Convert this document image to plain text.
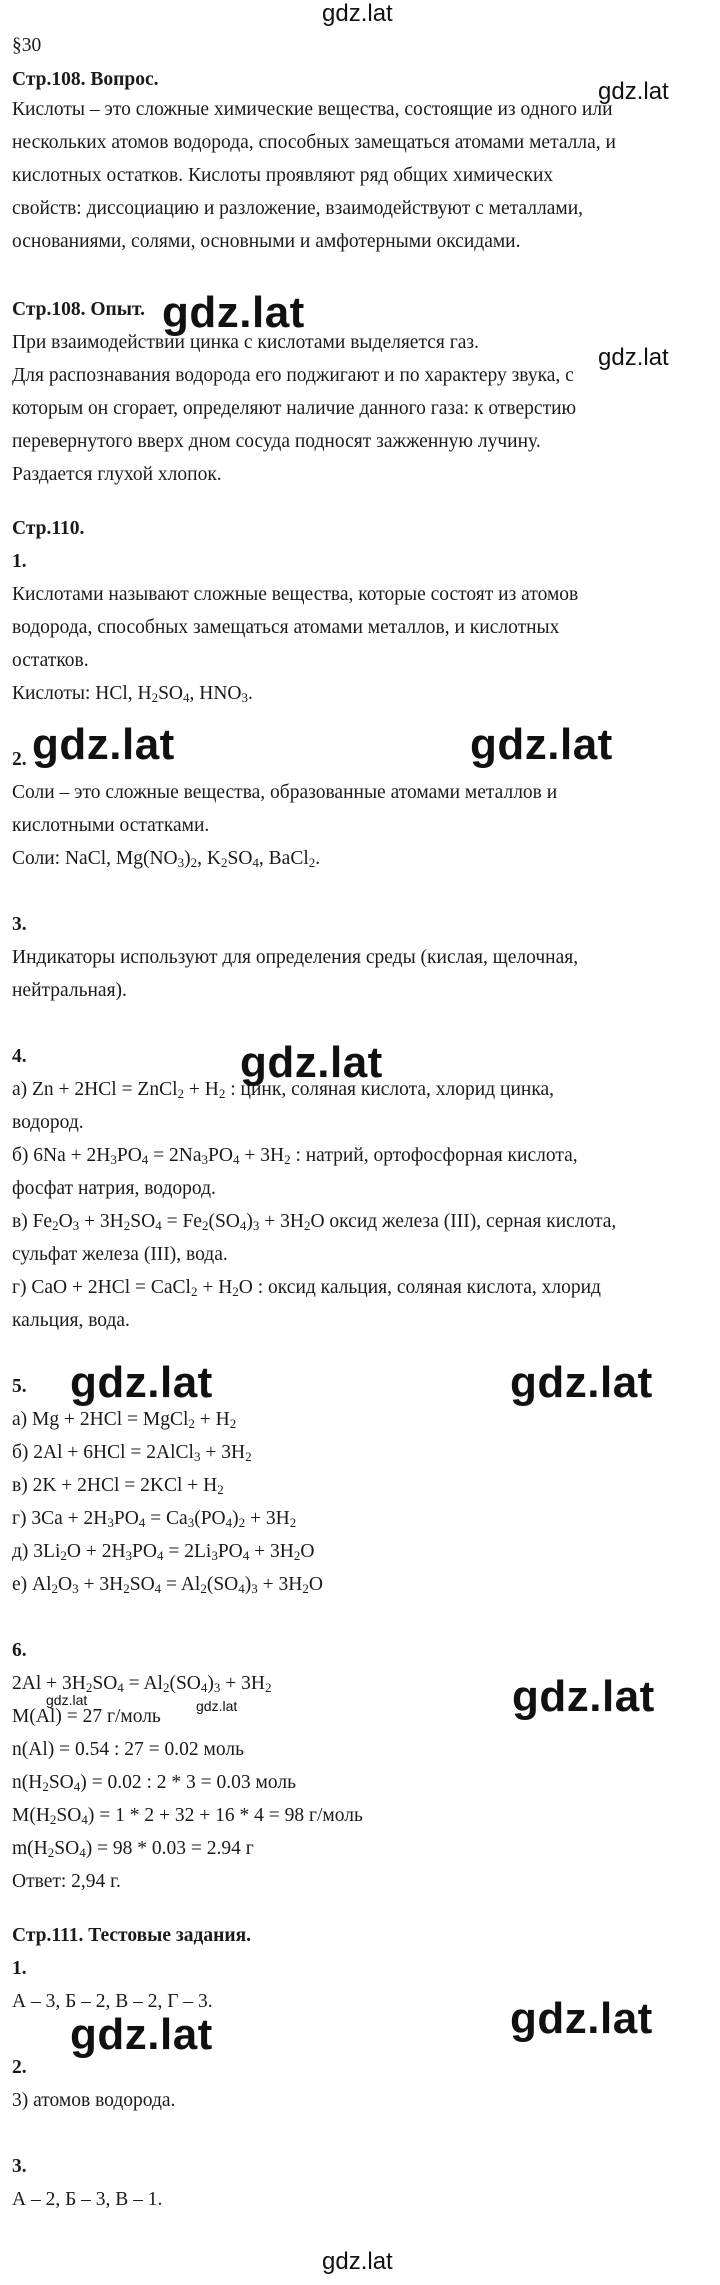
gdz.lat
gdz.lat
gdz.lat
gdz.lat
gdz.lat	gdz.lat
gdz.lat
gdz.lat	gdz.lat
gdz.lat	gdz.lat	gdz.lat
gdz.lat	gdz.lat
gdz.lat
§30
Стр.108. Вопрос.
Кислоты – это сложные химические вещества, состоящие из одного или
нескольких атомов водорода, способных замещаться атомами металла, и
кислотных остатков. Кислоты проявляют ряд общих химических
свойств: диссоциацию и разложение, взаимодействуют с металлами,
основаниями, солями, основными и амфотерными оксидами.
Стр.108. Опыт.
При взаимодействии цинка с кислотами выделяется газ.
Для распознавания водорода его поджигают и по характеру звука, с
которым он сгорает, определяют наличие данного газа: к отверстию
перевернутого вверх дном сосуда подносят зажженную лучину.
Раздается глухой хлопок.
Стр.110.
1.
Кислотами называют сложные вещества, которые состоят из атомов
водорода, способных замещаться атомами металлов, и кислотных
остатков.
Кислоты: HCl, $H_2SO_4$, $HNO_3$.
2.
Соли – это сложные вещества, образованные атомами металлов и
кислотными остатками.
Соли: NaCl, $Mg(NO_3)_2$, $K_2SO_4$, BaCl$_2$.
3.
Индикаторы используют для определения среды (кислая, щелочная,
нейтральная).
4.
а) Zn + 2HCl = ZnCl$_2$ + $H_2$ : цинк, соляная кислота, хлорид цинка,
водород.
б) $6Na + 2H_3PO_4 = 2Na_3PO_4 + 3H_2$ : натрий, ортофосфорная кислота,
фосфат натрия, водород.
в) $Fe_2O_3 + 3H_2SO_4 = Fe_2(SO_4)_3 + 3H_2O$ оксид железа (III), серная кислота,
сульфат железа (III), вода.
г) CaO + 2HCl = CaCl$_2$ + $H_2O$ : оксид кальция, соляная кислота, хлорид
кальция, вода.
5.
а) Mg + 2HCl = MgCl$_2$ + $H_2$
б) 2Al + 6HCl = 2AlCl$_3$ + $3H_2$
в) $2K + 2HCl = 2KCl + H_2$
г) $3Ca + 2H_3PO_4 = Ca_3(PO_4)_2 + 3H_2$
д) $3Li_2O + 2H_3PO_4 = 2Li_3PO_4 + 3H_2O$
е) $Al_2O_3 + 3H_2SO_4 = Al_2(SO_4)_3 + 3H_2O$
6.
$2Al + 3H_2SO_4 = Al_2(SO_4)_3 + 3H_2$
M(Al) = 27 г/моль
n(Al) = 0.54 : 27 = 0.02 моль
$n(H_2SO_4) = 0.02$ : 2 * 3 = 0.03 моль
$M(H_2SO_4) = 1 * 2 + 32 + 16 * 4 = 98$ г/моль
$m(H_2SO_4) = 98 * 0.03 = 2.94$ г
Ответ: 2,94 г.
Стр.111. Тестовые задания.
1.
А – 3, Б – 2, В – 2, Г – 3.
2.
3) атомов водорода.
3.
А – 2, Б – 3, В – 1.
